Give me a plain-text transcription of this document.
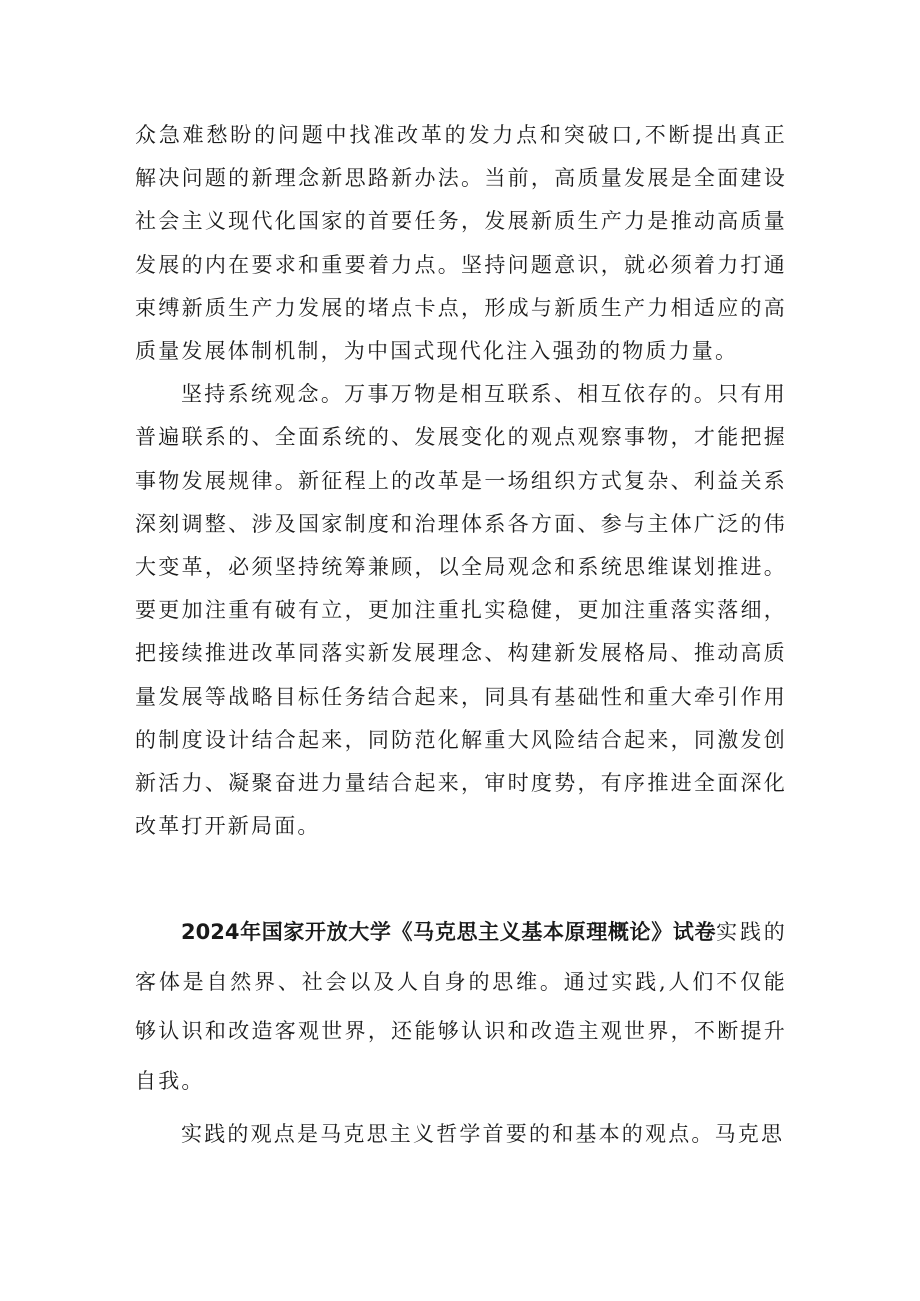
众急难愁盼的问题中找准改革的发力点和突破口,不断提出真正解决问题的新理念新思路新办法。当前，高质量发展是全面建设社会主义现代化国家的首要任务，发展新质生产力是推动高质量发展的内在要求和重要着力点。坚持问题意识，就必须着力打通束缚新质生产力发展的堵点卡点，形成与新质生产力相适应的高质量发展体制机制，为中国式现代化注入强劲的物质力量。

坚持系统观念。万事万物是相互联系、相互依存的。只有用普遍联系的、全面系统的、发展变化的观点观察事物，才能把握事物发展规律。新征程上的改革是一场组织方式复杂、利益关系深刻调整、涉及国家制度和治理体系各方面、参与主体广泛的伟大变革，必须坚持统筹兼顾，以全局观念和系统思维谋划推进。要更加注重有破有立，更加注重扎实稳健，更加注重落实落细，把接续推进改革同落实新发展理念、构建新发展格局、推动高质量发展等战略目标任务结合起来，同具有基础性和重大牵引作用的制度设计结合起来，同防范化解重大风险结合起来，同激发创新活力、凝聚奋进力量结合起来，审时度势，有序推进全面深化改革打开新局面。

2024年国家开放大学《马克思主义基本原理概论》试卷实践的客体是自然界、社会以及人自身的思维。通过实践,人们不仅能够认识和改造客观世界，还能够认识和改造主观世界，不断提升自我。

实践的观点是马克思主义哲学首要的和基本的观点。马克思
